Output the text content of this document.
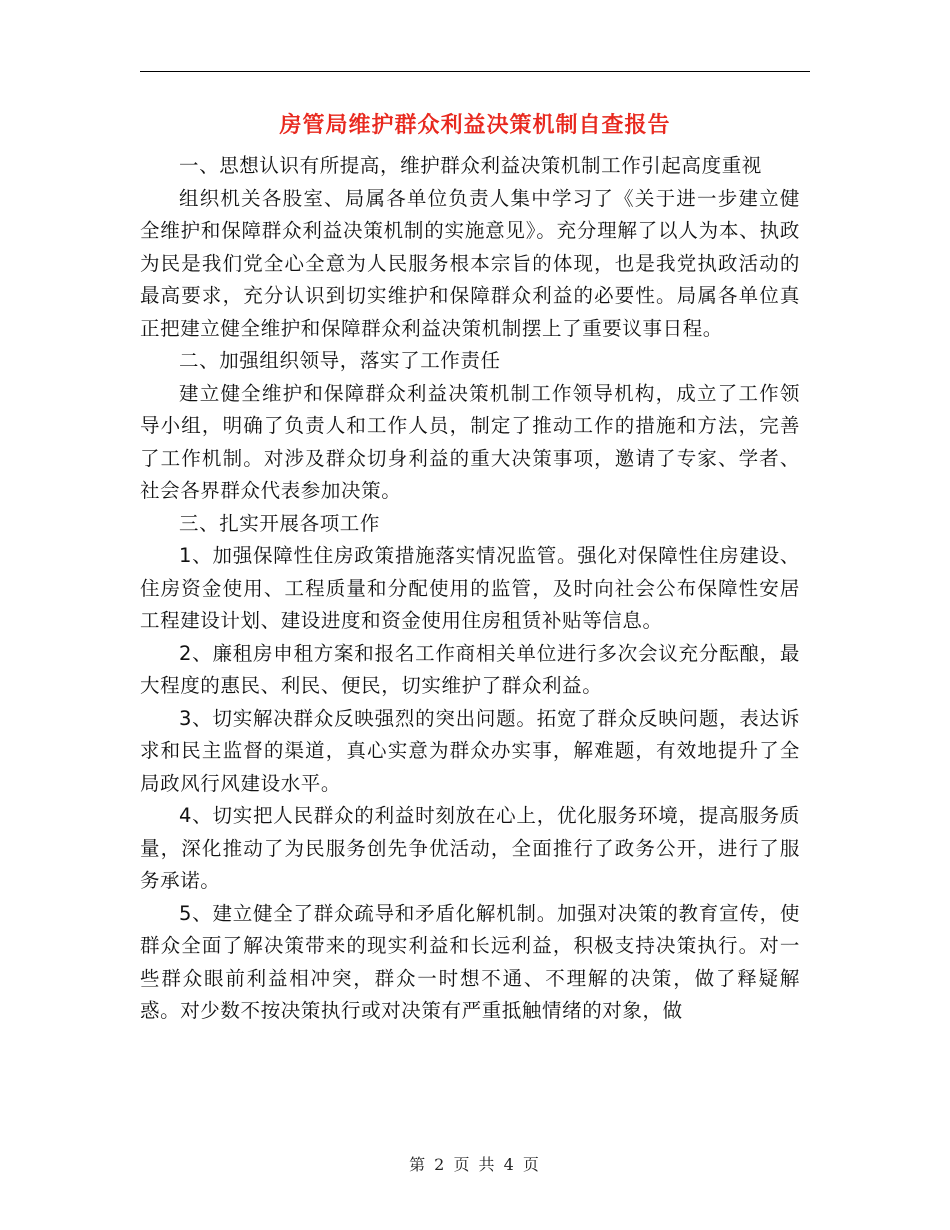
房管局维护群众利益决策机制自查报告

一、思想认识有所提高，维护群众利益决策机制工作引起高度重视

组织机关各股室、局属各单位负责人集中学习了《关于进一步建立健全维护和保障群众利益决策机制的实施意见》。充分理解了以人为本、执政为民是我们党全心全意为人民服务根本宗旨的体现，也是我党执政活动的最高要求，充分认识到切实维护和保障群众利益的必要性。局属各单位真正把建立健全维护和保障群众利益决策机制摆上了重要议事日程。

二、加强组织领导，落实了工作责任

建立健全维护和保障群众利益决策机制工作领导机构，成立了工作领导小组，明确了负责人和工作人员，制定了推动工作的措施和方法，完善了工作机制。对涉及群众切身利益的重大决策事项，邀请了专家、学者、社会各界群众代表参加决策。

三、扎实开展各项工作

1、加强保障性住房政策措施落实情况监管。强化对保障性住房建设、住房资金使用、工程质量和分配使用的监管，及时向社会公布保障性安居工程建设计划、建设进度和资金使用住房租赁补贴等信息。

2、廉租房申租方案和报名工作商相关单位进行多次会议充分酝酿，最大程度的惠民、利民、便民，切实维护了群众利益。

3、切实解决群众反映强烈的突出问题。拓宽了群众反映问题，表达诉求和民主监督的渠道，真心实意为群众办实事，解难题，有效地提升了全局政风行风建设水平。

4、切实把人民群众的利益时刻放在心上，优化服务环境，提高服务质量，深化推动了为民服务创先争优活动，全面推行了政务公开，进行了服务承诺。

5、建立健全了群众疏导和矛盾化解机制。加强对决策的教育宣传，使群众全面了解决策带来的现实利益和长远利益，积极支持决策执行。对一些群众眼前利益相冲突，群众一时想不通、不理解的决策，做了释疑解惑。对少数不按决策执行或对决策有严重抵触情绪的对象，做

第 2 页 共 4 页
